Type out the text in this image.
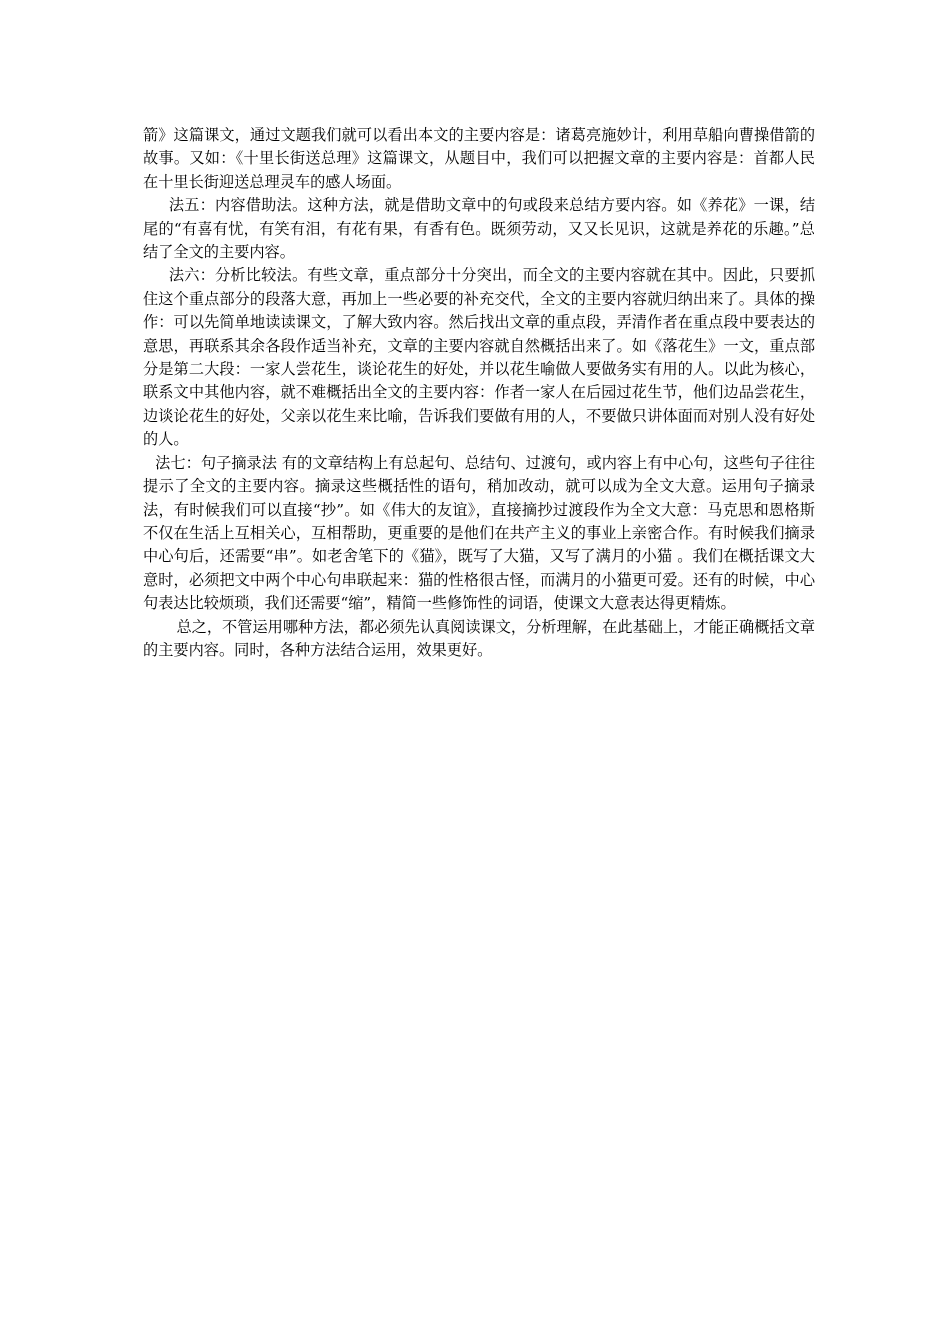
箭》这篇课文，通过文题我们就可以看出本文的主要内容是：诸葛亮施妙计，利用草船向曹操借箭的故事。又如：《十里长街送总理》这篇课文，从题目中，我们可以把握文章的主要内容是：首都人民在十里长街迎送总理灵车的感人场面。

法五：内容借助法。这种方法，就是借助文章中的句或段来总结方要内容。如《养花》一课，结尾的“有喜有忧，有笑有泪，有花有果，有香有色。既须劳动，又又长见识，这就是养花的乐趣。”总结了全文的主要内容。

法六：分析比较法。有些文章，重点部分十分突出，而全文的主要内容就在其中。因此，只要抓住这个重点部分的段落大意，再加上一些必要的补充交代，全文的主要内容就归纳出来了。具体的操作：可以先简单地读读课文，了解大致内容。然后找出文章的重点段，弄清作者在重点段中要表达的意思，再联系其余各段作适当补充，文章的主要内容就自然概括出来了。如《落花生》一文，重点部分是第二大段：一家人尝花生，谈论花生的好处，并以花生喻做人要做务实有用的人。以此为核心，联系文中其他内容，就不难概括出全文的主要内容：作者一家人在后园过花生节，他们边品尝花生，边谈论花生的好处，父亲以花生来比喻，告诉我们要做有用的人，不要做只讲体面而对别人没有好处的人。

法七：句子摘录法 有的文章结构上有总起句、总结句、过渡句，或内容上有中心句，这些句子往往提示了全文的主要内容。摘录这些概括性的语句，稍加改动，就可以成为全文大意。运用句子摘录法，有时候我们可以直接“抄”。如《伟大的友谊》，直接摘抄过渡段作为全文大意：马克思和恩格斯不仅在生活上互相关心，互相帮助，更重要的是他们在共产主义的事业上亲密合作。有时候我们摘录中心句后，还需要“串”。如老舍笔下的《猫》，既写了大猫，又写了满月的小猫 。我们在概括课文大意时，必须把文中两个中心句串联起来：猫的性格很古怪，而满月的小猫更可爱。还有的时候，中心句表达比较烦琐，我们还需要“缩”，精简一些修饰性的词语，使课文大意表达得更精炼。

总之，不管运用哪种方法，都必须先认真阅读课文，分析理解，在此基础上，才能正确概括文章的主要内容。同时，各种方法结合运用，效果更好。
